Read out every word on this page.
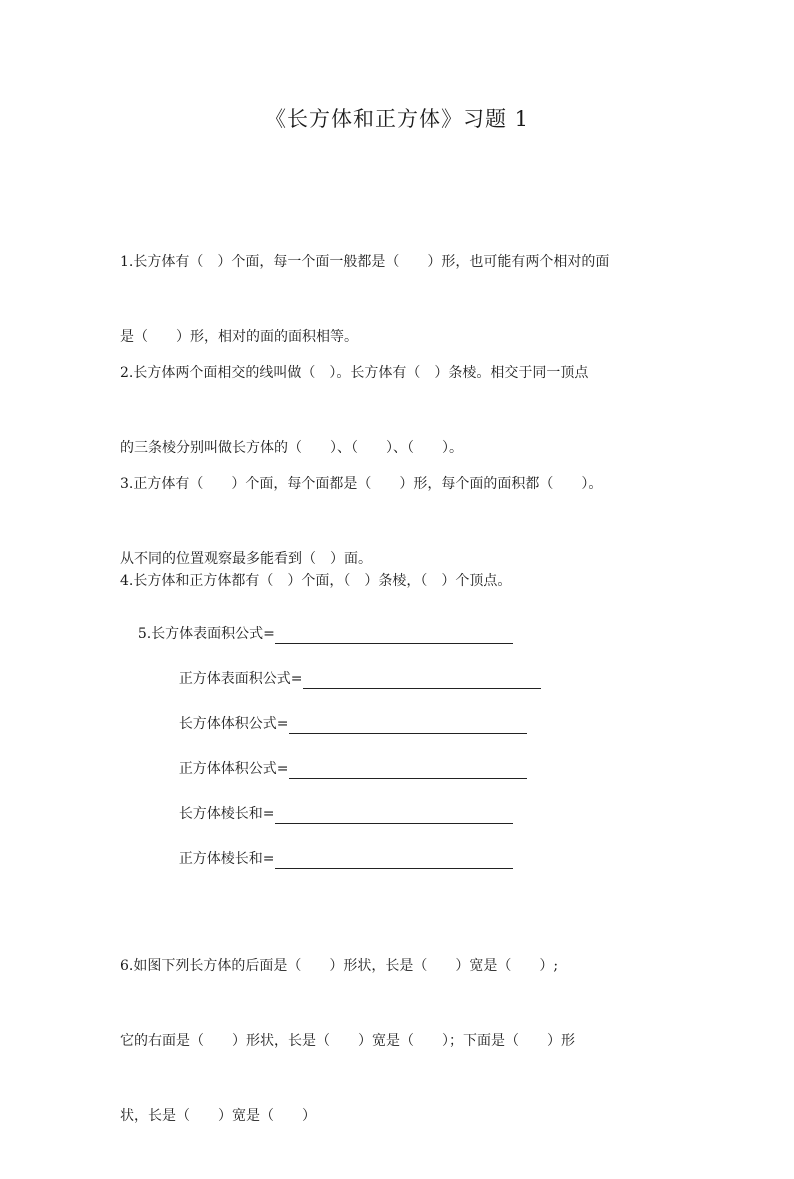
《长方体和正方体》习题 1

1.长方体有（　）个面，每一个面一般都是（　　）形，也可能有两个相对的面

是（　　）形，相对的面的面积相等。

2.长方体两个面相交的线叫做（　）。长方体有（　）条棱。相交于同一顶点

的三条棱分别叫做长方体的（　　）、（　　）、（　　）。

3.正方体有（　　）个面，每个面都是（　　）形，每个面的面积都（　　）。

从不同的位置观察最多能看到（　）面。

4.长方体和正方体都有（　）个面，（　）条棱，（　）个顶点。

5.长方体表面积公式=

正方体表面积公式=

长方体体积公式=

正方体体积公式=

长方体棱长和=

正方体棱长和=

6.如图下列长方体的后面是（　　）形状，长是（　　）宽是（　　）;

它的右面是（　　）形状，长是（　　）宽是（　　）；下面是（　　）形

状，长是（　　）宽是（　　）
